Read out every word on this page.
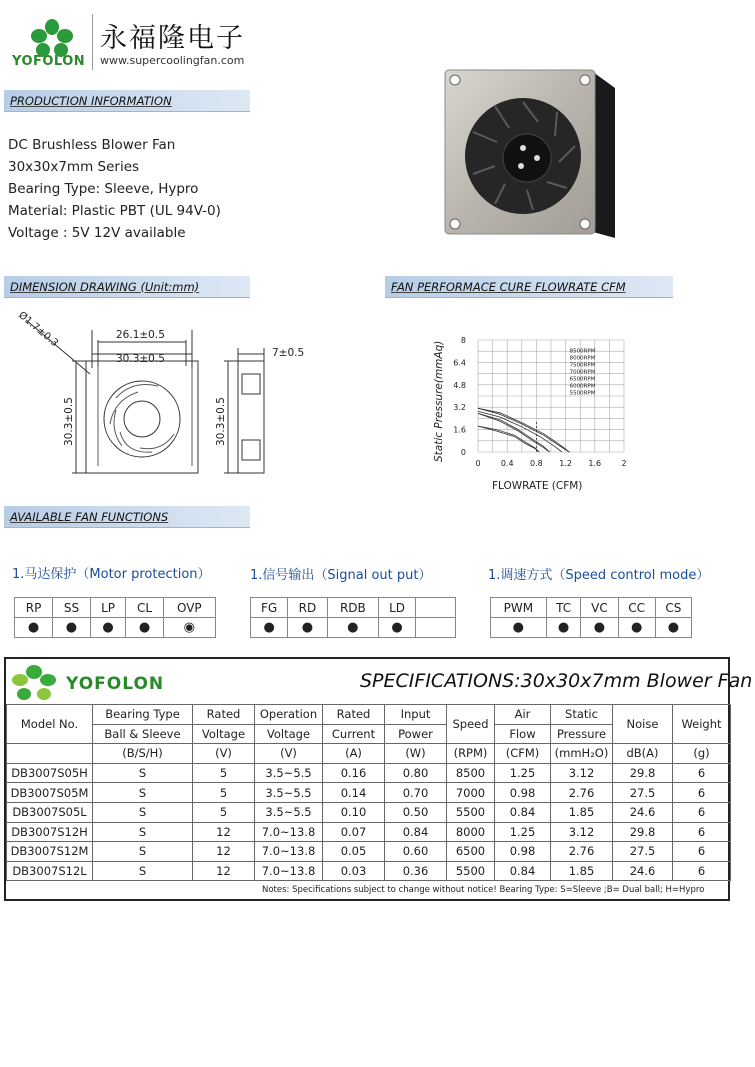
YOFOLON
永福隆电子
www.supercoolingfan.com
PRODUCTION INFORMATION
DC Brushless Blower Fan
30x30x7mm Series
Bearing Type: Sleeve, Hypro
Material: Plastic PBT (UL 94V-0)
Voltage : 5V 12V available
DIMENSION DRAWING (Unit:mm)	FAN PERFORMACE CURE FLOWRATE CFM
Ø1.7±0.3	26.1±0.5
30.3±0.5
30.3±0.5	30.3±0.5
7±0.5
0	0.4 0.8 1.2 1.6	2
0
1.6
3.2
4.8
6.4
8
8500RPM
8000RPM
7500RPM
7000RPM
6500RPM
6000RPM
5500RPM
Static Pressure(mmAq)
FLOWRATE (CFM)
AVAILABLE FAN FUNCTIONS
1.马达保护（Motor protection）
RP	SS	LP	CL	OVP
●	●	●	●	◉
1.信号输出（Signal out put）
FG	RD	RDB	LD	
●	●	●	●	
1.调速方式（Speed control mode）
PWM	TC	VC	CC	CS
●	●	●	●	●
YOFOLON	SPECIFICATIONS:30x30x7mm Blower Fan
Model No.	Bearing Type	Rated	Operation	Rated	Input	Speed	Air	Static	Noise	Weight
	Ball & Sleeve	Voltage	Voltage	Current	Power		Flow	Pressure		
	(B/S/H)	(V)	(V)	(A)	(W)	(RPM)	(CFM)	(mmH₂O)	dB(A)	(g)
DB3007S05H	S	5	3.5~5.5	0.16	0.80	8500	1.25	3.12	29.8	6
DB3007S05M	S	5	3.5~5.5	0.14	0.70	7000	0.98	2.76	27.5	6
DB3007S05L	S	5	3.5~5.5	0.10	0.50	5500	0.84	1.85	24.6	6
DB3007S12H	S	12	7.0~13.8	0.07	0.84	8000	1.25	3.12	29.8	6
DB3007S12M	S	12	7.0~13.8	0.05	0.60	6500	0.98	2.76	27.5	6
DB3007S12L	S	12	7.0~13.8	0.03	0.36	5500	0.84	1.85	24.6	6
Notes: Specifications subject to change without notice! Bearing Type: S=Sleeve ;B= Dual ball; H=Hypro
